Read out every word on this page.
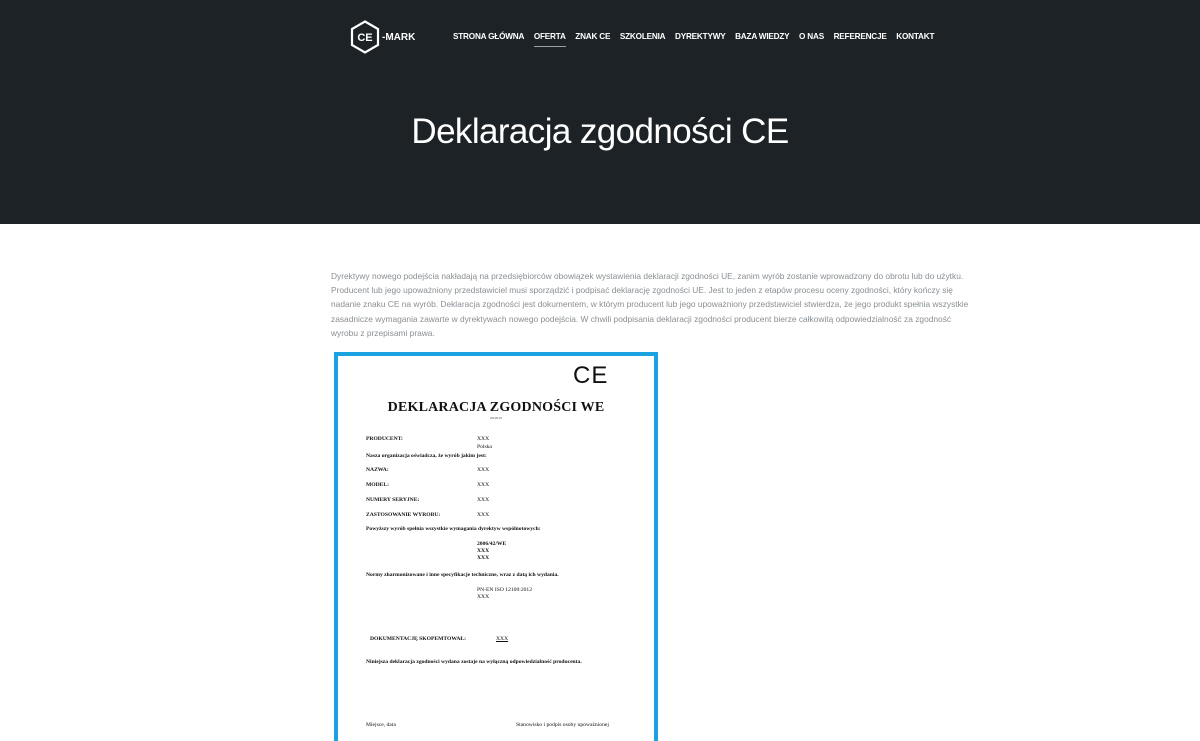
CE -MARK	STRONA GŁÓWNA OFERTA ZNAK CE SZKOLENIA DYREKTYWY BAZA WIEDZY O NAS REFERENCJE KONTAKT
Deklaracja zgodności CE

Dyrektywy nowego podejścia nakładają na przedsiębiorców obowiązek wystawienia deklaracji zgodności UE, zanim wyrób zostanie wprowadzony do obrotu lub do użytku. Producent lub jego upoważniony przedstawiciel musi sporządzić i podpisać deklarację zgodności UE. Jest to jeden z etapów procesu oceny zgodności, który kończy się nadanie znaku CE na wyrób. Deklaracja zgodności jest dokumentem, w którym producent lub jego upoważniony przedstawiciel stwierdza, że jego produkt spełnia wszystkie zasadnicze wymagania zawarte w dyrektywach nowego podejścia. W chwili podpisania deklaracji zgodności producent bierze całkowitą odpowiedzialność za zgodność wyrobu z przepisami prawa.

CE
DEKLARACJA ZGODNOŚCI WE
06/2019
PRODUCENT:	XXX
Polska
Nasza organizacja oświadcza, że wyrób jakim jest:
NAZWA:	XXX
MODEL:	XXX
NUMERY SERYJNE:	XXX
ZASTOSOWANIE WYROBU:	XXX
Powyższy wyrób spełnia wszystkie wymagania dyrektyw wspólnotowych:
2006/42/WE
XXX
XXX
Normy zharmonizowane i inne specyfikacje techniczne, wraz z datą ich wydania.
PN-EN ISO 12100:2012
XXX
DOKUMENTACJĘ SKOPEMTOWAŁ:	XXX
Niniejsza deklaracja zgodności wydana zostaje na wyłączną odpowiedzialność producenta.
Miejsce, data	Stanowisko i podpis osoby upoważnionej
